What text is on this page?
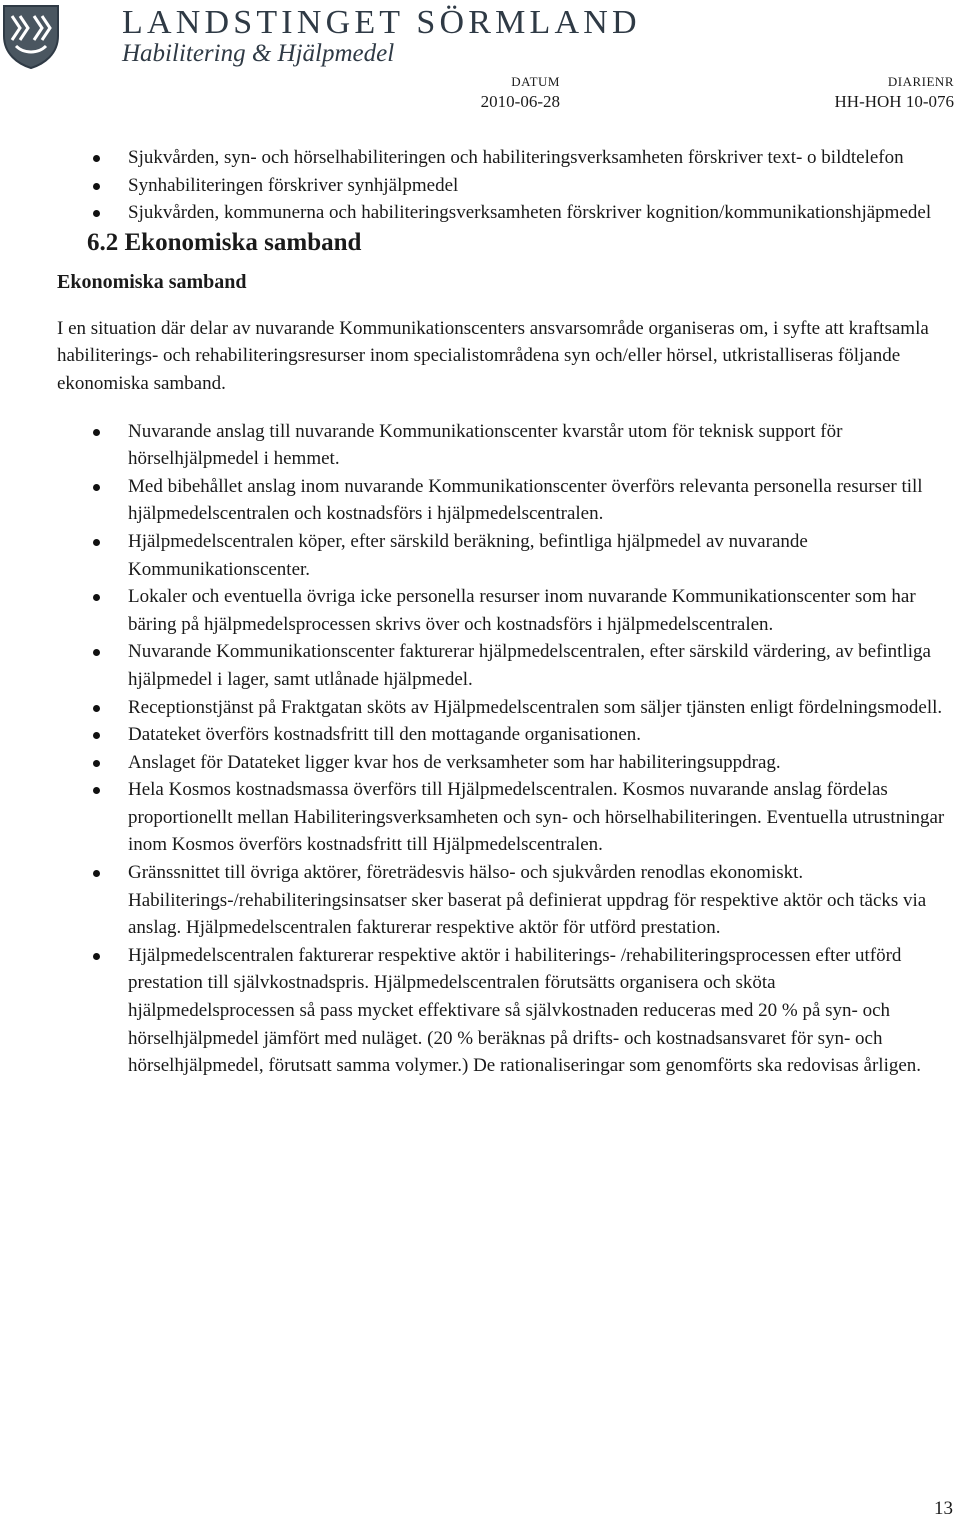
LANDSTINGET SÖRMLAND
Habilitering & Hjälpmedel
DATUM
2010-06-28
DIARIENR
HH-HOH 10-076
Sjukvården, syn- och hörselhabiliteringen och habiliteringsverksamheten förskriver text- o bildtelefon
Synhabiliteringen förskriver synhjälpmedel
Sjukvården, kommunerna och habiliteringsverksamheten förskriver kognition/kommunikationshjäpmedel
6.2 Ekonomiska samband
Ekonomiska samband

I en situation där delar av nuvarande Kommunikationscenters ansvarsområde organiseras om, i syfte att kraftsamla habiliterings- och rehabiliteringsresurser inom specialistområdena syn och/eller hörsel, utkristalliseras följande ekonomiska samband.

Nuvarande anslag till nuvarande Kommunikationscenter kvarstår utom för teknisk support för hörselhjälpmedel i hemmet.
Med bibehållet anslag inom nuvarande Kommunikationscenter överförs relevanta personella resurser till hjälpmedelscentralen och kostnadsförs i hjälpmedelscentralen.
Hjälpmedelscentralen köper, efter särskild beräkning, befintliga hjälpmedel av nuvarande Kommunikationscenter.
Lokaler och eventuella övriga icke personella resurser inom nuvarande Kommunikationscenter som har bäring på hjälpmedelsprocessen skrivs över och kostnadsförs i hjälpmedelscentralen.
Nuvarande Kommunikationscenter fakturerar hjälpmedelscentralen, efter särskild värdering, av befintliga hjälpmedel i lager, samt utlånade hjälpmedel.
Receptionstjänst på Fraktgatan sköts av Hjälpmedelscentralen som säljer tjänsten enligt fördelningsmodell.
Datateket överförs kostnadsfritt till den mottagande organisationen.
Anslaget för Datateket ligger kvar hos de verksamheter som har habiliteringsuppdrag.
Hela Kosmos kostnadsmassa överförs till Hjälpmedelscentralen. Kosmos nuvarande anslag fördelas proportionellt mellan Habiliteringsverksamheten och syn- och hörselhabiliteringen. Eventuella utrustningar inom Kosmos överförs kostnadsfritt till Hjälpmedelscentralen.
Gränssnittet till övriga aktörer, företrädesvis hälso- och sjukvården renodlas ekonomiskt. Habiliterings-/rehabiliteringsinsatser sker baserat på definierat uppdrag för respektive aktör och täcks via anslag. Hjälpmedelscentralen fakturerar respektive aktör för utförd prestation.
Hjälpmedelscentralen fakturerar respektive aktör i habiliterings- /rehabiliteringsprocessen efter utförd prestation till självkostnadspris. Hjälpmedelscentralen förutsätts organisera och sköta hjälpmedelsprocessen så pass mycket effektivare så självkostnaden reduceras med 20 % på syn- och hörselhjälpmedel jämfört med nuläget. (20 % beräknas på drifts- och kostnadsansvaret för syn- och hörselhjälpmedel, förutsatt samma volymer.) De rationaliseringar som genomförts ska redovisas årligen.
13
